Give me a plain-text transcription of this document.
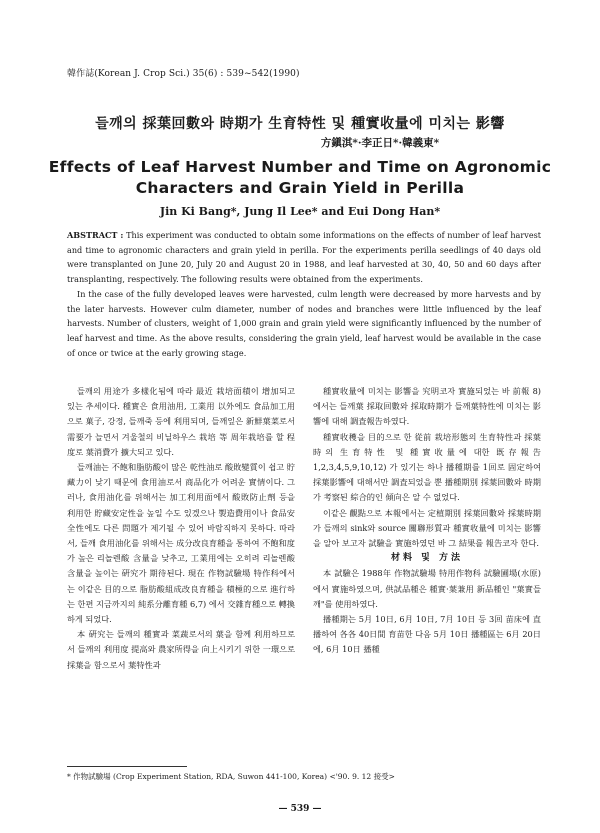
韓作誌(Korean J. Crop Sci.) 35(6) : 539~542(1990)
들깨의 採葉回數와 時期가 生育特性 및 種實收量에 미치는 影響
方鎭淇*·李正日*·韓義東*
Effects of Leaf Harvest Number and Time on Agronomic
Characters and Grain Yield in Perilla
Jin Ki Bang*, Jung Il Lee* and Eui Dong Han*

ABSTRACT : This experiment was conducted to obtain some informations on the effects of number of leaf harvest and time to agronomic characters and grain yield in perilla. For the experiments perilla seedlings of 40 days old were transplanted on June 20, July 20 and August 20 in 1988, and leaf harvested at 30, 40, 50 and 60 days after transplanting, respectively. The following results were obtained from the experiments.

In the case of the fully developed leaves were harvested, culm length were decreased by more harvests and by the later harvests. However culm diameter, number of nodes and branches were little influenced by the leaf harvests. Number of clusters, weight of 1,000 grain and grain yield were significantly influenced by the number of leaf harvest and time. As the above results, considering the grain yield, leaf harvest would be available in the case of once or twice at the early growing stage.

들깨의 用途가 多樣化됨에 따라 最近 栽培面積이 增加되고 있는 추세이다. 種實은 食用油用, 工業用 以外에도 食品加工用으로 菓子, 강정, 들깨죽 등에 利用되며, 들깨잎은 新鮮葉菜로서 需要가 늘면서 겨울철의 비닐하우스 栽培 等 周年栽培를 할 程度로 葉消費가 擴大되고 있다.

들깨油는 不飽和脂肪酸이 많은 乾性油로 酸敗變質이 쉽고 貯藏力이 낮기 때문에 食用油로서 商品化가 어려운 實情이다. 그러나, 食用油化를 위해서는 加工利用面에서 酸敗防止劑 등을 利用한 貯藏安定性을 높일 수도 있겠으나 製造費用이나 食品安全性에도 다른 問題가 제기될 수 있어 바람직하지 못하다. 따라서, 들깨 食用油化를 위해서는 成分改良育種을 통하여 不飽和度가 높은 리놀렌酸 含量을 낮추고, 工業用에는 오히려 리놀렌酸 含量을 높이는 硏究가 期待된다. 現在 作物試驗場 特作科에서는 이같은 目的으로 脂肪酸組成改良育種을 積極的으로 進行하는 한편 지금까지의 純系分離育種 6,7) 에서 交雜育種으로 轉換하게 되었다.

本 硏究는 들깨의 種實과 菜蔬로서의 葉을 함께 利用하므로서 들깨의 利用度 提高와 農家所得을 向上시키기 위한 一環으로 採葉을 함으로서 葉特性과

種實收量에 미치는 影響을 究明코자 實施되었는 바 前報 8) 에서는 들깨葉 採取回數와 採取時期가 들깨葉特性에 미치는 影響에 대해 調査報告하였다.

種實收穫을 目的으로 한 從前 栽培形態의 生育特性과 採葉時의 生育特性 및 種實收量에 대한 既存報告 1,2,3,4,5,9,10,12) 가 있기는 하나 播種期를 1回로 固定하여 採葉影響에 대해서만 調査되었을 뿐 播種期別 採葉回數와 時期가 考察된 綜合的인 傾向은 알 수 없었다.

이같은 觀點으로 本報에서는 定植期別 採葉回數와 採葉時期가 들깨의 sink와 source 關聯形質과 種實收量에 미치는 影響을 알아 보고자 試驗을 實施하였던 바 그 結果를 報告코자 한다.

材料 및 方法

本 試驗은 1988年 作物試驗場 特用作物科 試驗圃場(水原)에서 實施하였으며, 供試品種은 種實·葉兼用 新品種인 "葉實들깨"를 使用하였다.

播種期는 5月 10日, 6月 10日, 7月 10日 등 3回 苗床에 直播하여 各各 40日間 育苗한 다음 5月 10日 播種區는 6月 20日에, 6月 10日 播種

* 作物試驗場 (Crop Experiment Station, RDA, Suwon 441-100, Korea) <'90. 9. 12 接受>
— 539 —
